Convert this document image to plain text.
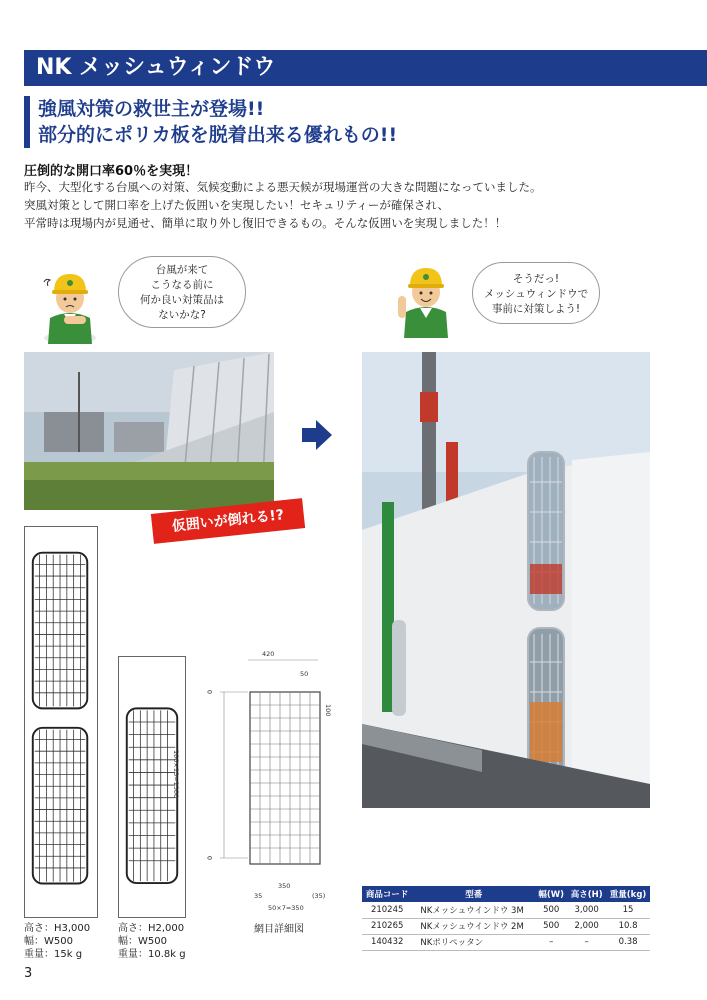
NK メッシュウィンドウ
強風対策の救世主が登場!!
部分的にポリカ板を脱着出来る優れもの!!
圧倒的な開口率60％を実現！
昨今、大型化する台風への対策、気候変動による悪天候が現場運営の大きな問題になっていました。
突風対策として開口率を上げた仮囲いを実現したい！セキュリティーが確保され、
平常時は現場内が見通せ、簡単に取り外し復旧できるもの。そんな仮囲いを実現しました！！
台風が来て
こうなる前に
何か良い対策品は
ないかな?
仮囲いが倒れる!?
そうだっ!
メッシュウィンドウで
事前に対策しよう!
高さ：H3,000
幅：W500
重量：15k g
高さ：H2,000
幅：W500
重量：10.8k g
420
50
100
0
0
100×13=1300
350
35	(35)
50×7=350
網目詳細図
商品コード	型番	幅(W)	高さ(H)	重量(kg)
210245	NKメッシュウインドウ 3M	500	3,000	15
210265	NKメッシュウインドウ 2M	500	2,000	10.8
140432	NKポリペッタン	–	–	0.38
3
